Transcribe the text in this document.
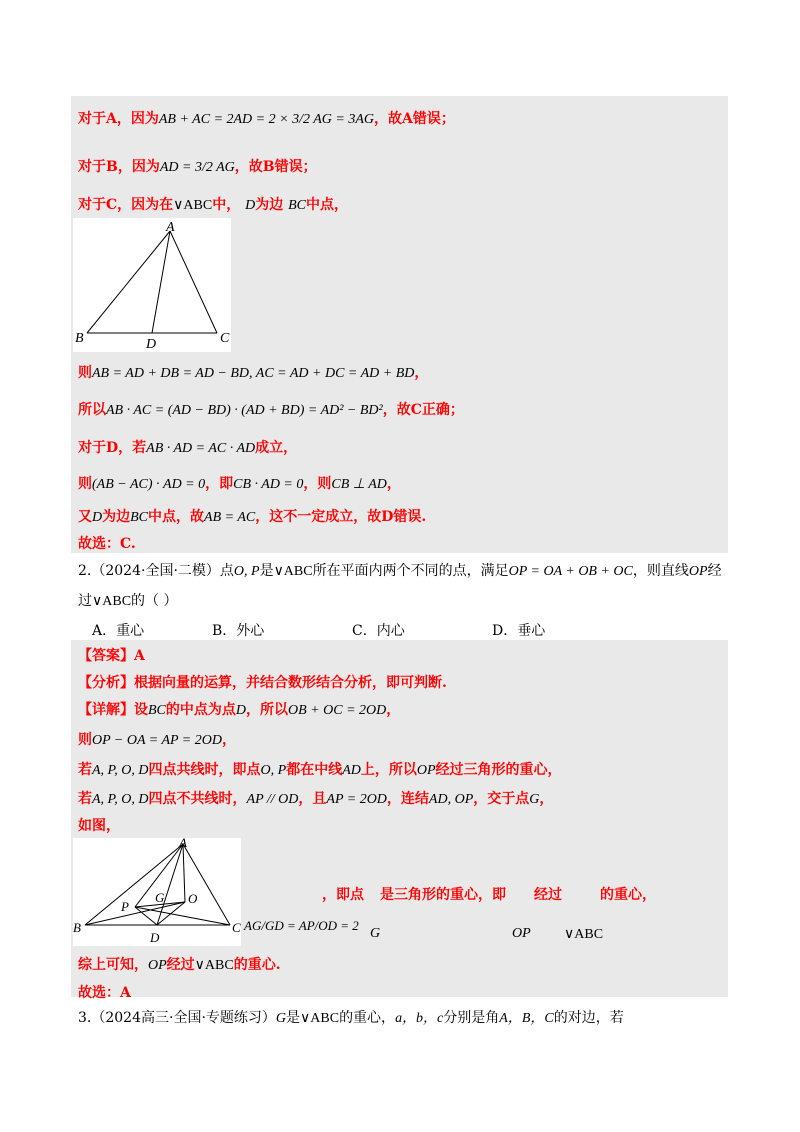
对于A，因为AB + AC = 2AD = 2 × 3/2 AG = 3AG，故A错误；
对于B，因为AD = 3/2 AG，故B错误；
对于C，因为在∨ABC中， D为边 BC中点，
A
B	C
D
则AB = AD + DB = AD − BD, AC = AD + DC = AD + BD，
所以AB · AC = (AD − BD) · (AD + BD) = AD² − BD²，故C正确；
对于D，若AB · AD = AC · AD成立，
则(AB − AC) · AD = 0，即CB · AD = 0，则CB ⊥ AD，
又D为边BC中点，故AB = AC，这不一定成立，故D错误.
故选：C.
2.（2024·全国·二模）点O, P是∨ABC所在平面内两个不同的点，满足OP = OA + OB + OC，则直线OP经
过∨ABC的（ ）
A．重心	B．外心	C．内心	D．垂心
【答案】A
【分析】根据向量的运算，并结合数形结合分析，即可判断.
【详解】设BC的中点为点D，所以OB + OC = 2OD，
则OP − OA = AP = 2OD，
若A, P, O, D四点共线时，即点O, P都在中线AD上，所以OP经过三角形的重心，
若A, P, O, D四点不共线时，AP // OD，且AP = 2OD，连结AD, OP，交于点G，
如图，
A
B	C
D
P
G O	，即点 是三角形的重心，即 经过	的重心，
AG/GD = AP/OD = 2
G	OP ∨ABC
综上可知，OP经过∨ABC的重心.
故选：A
3.（2024高三·全国·专题练习）G是∨ABC的重心，a，b，c分别是角A，B，C的对边，若
